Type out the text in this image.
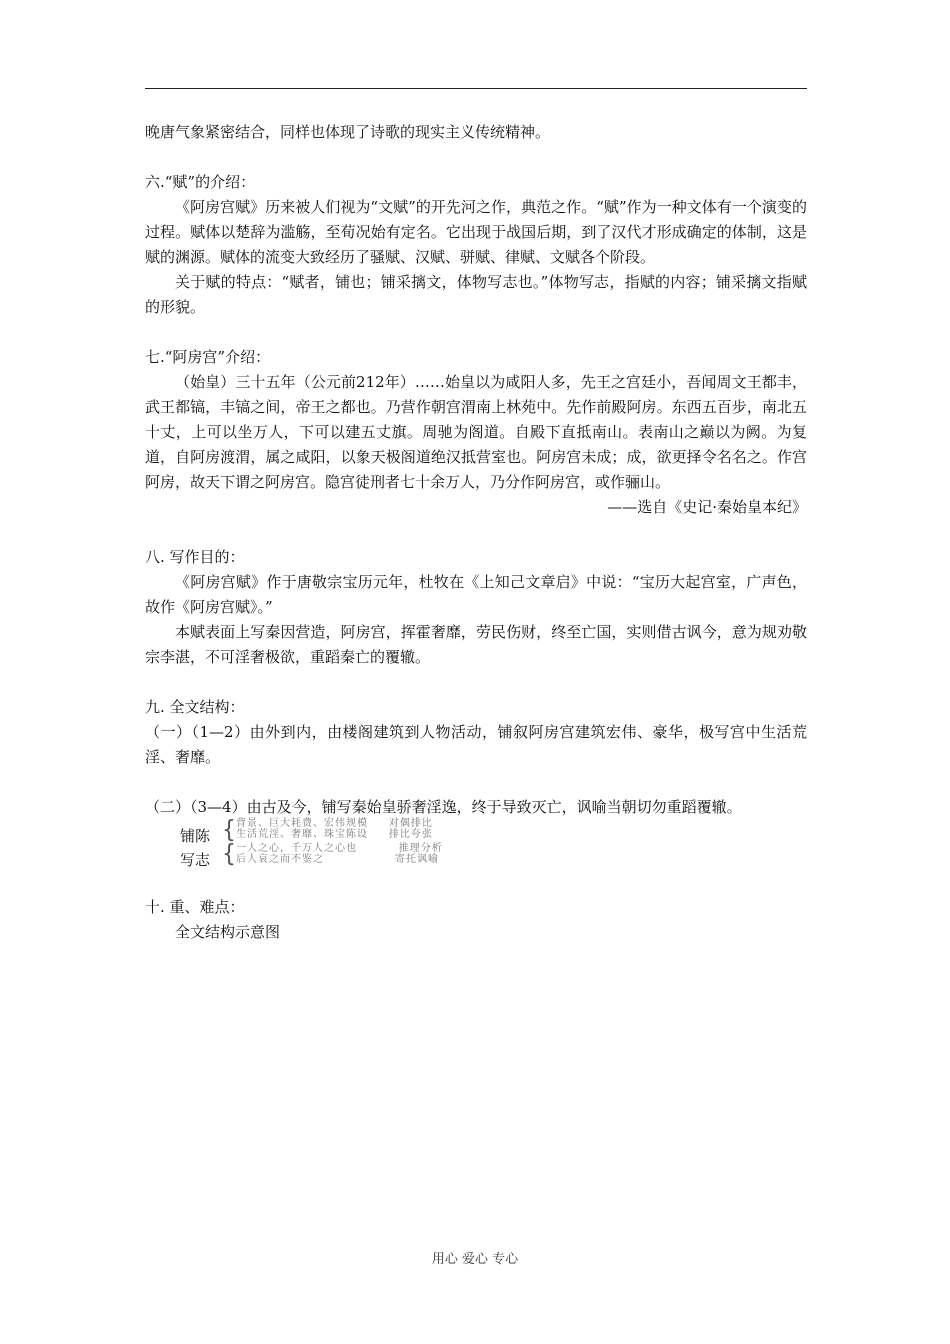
晚唐气象紧密结合，同样也体现了诗歌的现实主义传统精神。

六.“赋”的介绍：

《阿房宫赋》历来被人们视为“文赋”的开先河之作，典范之作。“赋”作为一种文体有一个演变的过程。赋体以楚辞为滥觞，至荀况始有定名。它出现于战国后期，到了汉代才形成确定的体制，这是赋的渊源。赋体的流变大致经历了骚赋、汉赋、骈赋、律赋、文赋各个阶段。

关于赋的特点：“赋者，铺也；铺采摛文，体物写志也。”体物写志，指赋的内容；铺采摛文指赋的形貌。

七.“阿房宫”介绍：

（始皇）三十五年（公元前212年）……始皇以为咸阳人多，先王之宫廷小，吾闻周文王都丰，武王都镐，丰镐之间，帝王之都也。乃营作朝宫渭南上林苑中。先作前殿阿房。东西五百步，南北五十丈，上可以坐万人，下可以建五丈旗。周驰为阁道。自殿下直抵南山。表南山之巅以为阙。为复道，自阿房渡渭，属之咸阳，以象天极阁道绝汉抵营室也。阿房宫未成；成，欲更择令名名之。作宫阿房，故天下谓之阿房宫。隐宫徒刑者七十余万人，乃分作阿房宫，或作骊山。

——选自《史记·秦始皇本纪》

八. 写作目的：

《阿房宫赋》作于唐敬宗宝历元年，杜牧在《上知己文章启》中说：“宝历大起宫室，广声色，故作《阿房宫赋》。”

本赋表面上写秦因营造，阿房宫，挥霍奢靡，劳民伤财，终至亡国，实则借古讽今，意为规劝敬宗李湛，不可淫奢极欲，重蹈秦亡的覆辙。

九. 全文结构：

（一）（1—2）由外到内，由楼阁建筑到人物活动，铺叙阿房宫建筑宏伟、豪华，极写宫中生活荒淫、奢靡。

（二）（3—4）由古及今，铺写秦始皇骄奢淫逸，终于导致灭亡，讽喻当朝切勿重蹈覆辙。

铺陈 { 背景、巨大耗费、宏伟规模     对偶排比
生活荒淫、奢靡、珠宝陈设     排比夸张
写志 { 一人之心，千万人之心也          推理分析
后人哀之而不鉴之                 寄托讽喻

十. 重、难点：

全文结构示意图

用心 爱心 专心
